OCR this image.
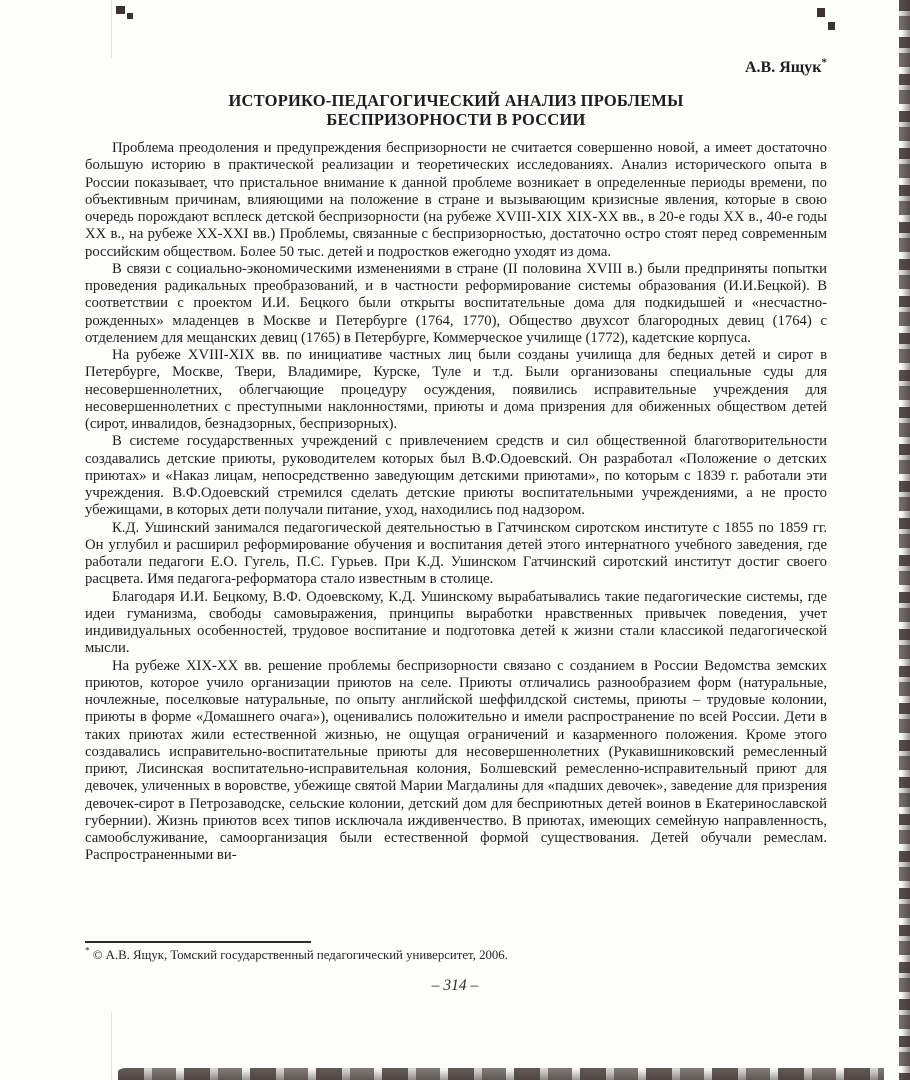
А.В. Ящук*
ИСТОРИКО-ПЕДАГОГИЧЕСКИЙ АНАЛИЗ ПРОБЛЕМЫ
БЕСПРИЗОРНОСТИ В РОССИИ

Проблема преодоления и предупреждения беспризорности не считается совершенно новой, а имеет достаточно большую историю в практической реализации и теоретических исследованиях. Анализ исторического опыта в России показывает, что пристальное внимание к данной проблеме возникает в определенные периоды времени, по объективным причинам, влияющими на положение в стране и вызывающим кризисные явления, которые в свою очередь порождают всплеск детской беспризорности (на рубеже XVIII-XIX XIX-XX вв., в 20-е годы XX в., 40-е годы XX в., на рубеже XX-XXI вв.) Проблемы, связанные с беспризорностью, достаточно остро стоят перед современным российским обществом. Более 50 тыс. детей и подростков ежегодно уходят из дома.

В связи с социально-экономическими изменениями в стране (II половина XVIII в.) были предприняты попытки проведения радикальных преобразований, и в частности реформирование системы образования (И.И.Бецкой). В соответствии с проектом И.И. Бецкого были открыты воспитательные дома для подкидышей и «несчастно-рожденных» младенцев в Москве и Петербурге (1764, 1770), Общество двухсот благородных девиц (1764) с отделением для мещанских девиц (1765) в Петербурге, Коммерческое училище (1772), кадетские корпуса.

На рубеже XVIII-XIX вв. по инициативе частных лиц были созданы училища для бедных детей и сирот в Петербурге, Москве, Твери, Владимире, Курске, Туле и т.д. Были организованы специальные суды для несовершеннолетних, облегчающие процедуру осуждения, появились исправительные учреждения для несовершеннолетних с преступными наклонностями, приюты и дома призрения для обиженных обществом детей (сирот, инвалидов, безнадзорных, беспризорных).

В системе государственных учреждений с привлечением средств и сил общественной благотворительности создавались детские приюты, руководителем которых был В.Ф.Одоевский. Он разработал «Положение о детских приютах» и «Наказ лицам, непосредственно заведующим детскими приютами», по которым с 1839 г. работали эти учреждения. В.Ф.Одоевский стремился сделать детские приюты воспитательными учреждениями, а не просто убежищами, в которых дети получали питание, уход, находились под надзором.

К.Д. Ушинский занимался педагогической деятельностью в Гатчинском сиротском институте с 1855 по 1859 гг. Он углубил и расширил реформирование обучения и воспитания детей этого интернатного учебного заведения, где работали педагоги Е.О. Гугель, П.С. Гурьев. При К.Д. Ушинском Гатчинский сиротский институт достиг своего расцвета. Имя педагога-реформатора стало известным в столице.

Благодаря И.И. Бецкому, В.Ф. Одоевскому, К.Д. Ушинскому вырабатывались такие педагогические системы, где идеи гуманизма, свободы самовыражения, принципы выработки нравственных привычек поведения, учет индивидуальных особенностей, трудовое воспитание и подготовка детей к жизни стали классикой педагогической мысли.

На рубеже XIX-XX вв. решение проблемы беспризорности связано с созданием в России Ведомства земских приютов, которое учило организации приютов на селе. Приюты отличались разнообразием форм (натуральные, ночлежные, поселковые натуральные, по опыту английской шеффилдской системы, приюты – трудовые колонии, приюты в форме «Домашнего очага»), оценивались положительно и имели распространение по всей России. Дети в таких приютах жили естественной жизнью, не ощущая ограничений и казарменного положения. Кроме этого создавались исправительно-воспитательные приюты для несовершеннолетних (Рукавишниковский ремесленный приют, Лисинская воспитательно-исправительная колония, Болшевский ремесленно-исправительный приют для девочек, уличенных в воровстве, убежище святой Марии Магдалины для «падших девочек», заведение для призрения девочек-сирот в Петрозаводске, сельские колонии, детский дом для бесприютных детей воинов в Екатеринославской губернии). Жизнь приютов всех типов исключала иждивенчество. В приютах, имеющих семейную направленность, самообслуживание, самоорганизация были естественной формой существования. Детей обучали ремеслам. Распространенными ви-

* © А.В. Ящук, Томский государственный педагогический университет, 2006.
– 314 –
